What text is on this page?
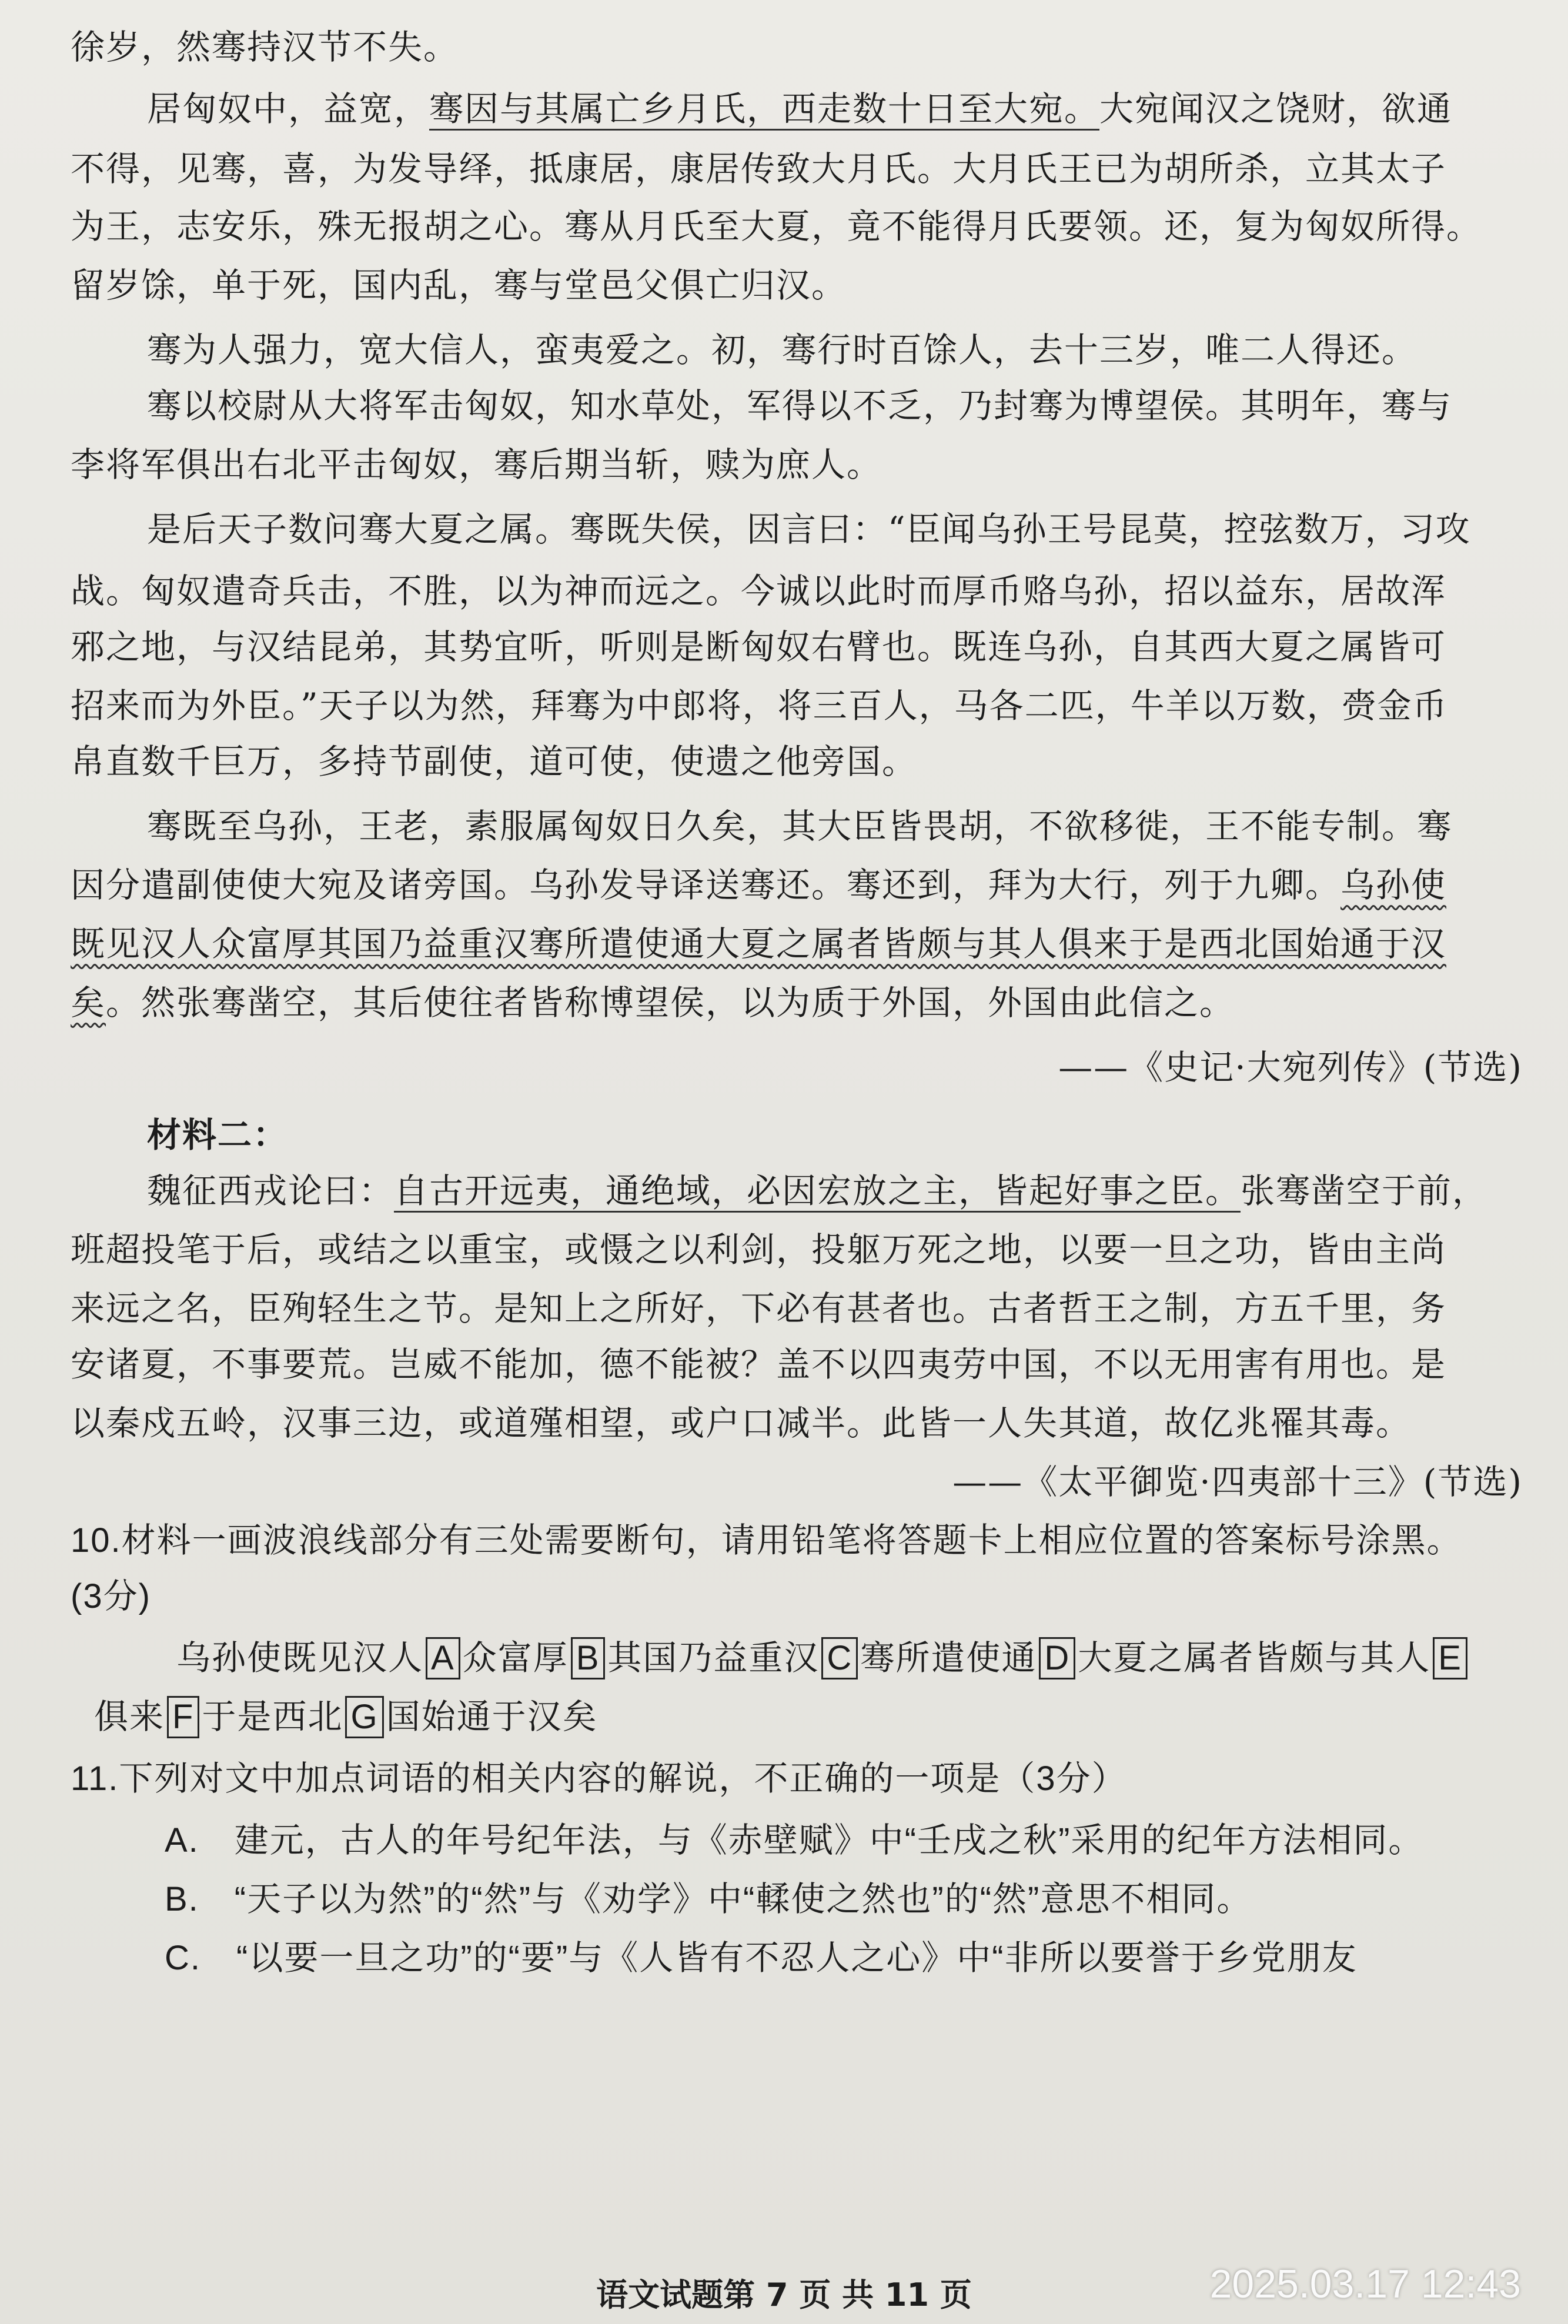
徐岁，然骞持汉节不失。
居匈奴中，益宽，骞因与其属亡乡月氏，西走数十日至大宛。大宛闻汉之饶财，欲通
不得，见骞，喜，为发导绎，抵康居，康居传致大月氏。大月氏王已为胡所杀，立其太子
为王，志安乐，殊无报胡之心。骞从月氏至大夏，竟不能得月氏要领。还，复为匈奴所得。
留岁馀，单于死，国内乱，骞与堂邑父俱亡归汉。
骞为人强力，宽大信人，蛮夷爱之。初，骞行时百馀人，去十三岁，唯二人得还。
骞以校尉从大将军击匈奴，知水草处，军得以不乏，乃封骞为博望侯。其明年，骞与
李将军俱出右北平击匈奴，骞后期当斩，赎为庶人。
是后天子数问骞大夏之属。骞既失侯，因言曰：“臣闻乌孙王号昆莫，控弦数万，习攻
战。匈奴遣奇兵击，不胜，以为神而远之。今诚以此时而厚币赂乌孙，招以益东，居故浑
邪之地，与汉结昆弟，其势宜听，听则是断匈奴右臂也。既连乌孙，自其西大夏之属皆可
招来而为外臣。”天子以为然，拜骞为中郎将，将三百人，马各二匹，牛羊以万数，赍金币
帛直数千巨万，多持节副使，道可使，使遗之他旁国。
骞既至乌孙，王老，素服属匈奴日久矣，其大臣皆畏胡，不欲移徙，王不能专制。骞
因分遣副使使大宛及诸旁国。乌孙发导译送骞还。骞还到，拜为大行，列于九卿。乌孙使
既见汉人众富厚其国乃益重汉骞所遣使通大夏之属者皆颇与其人俱来于是西北国始通于汉
矣。然张骞凿空，其后使往者皆称博望侯，以为质于外国，外国由此信之。
——《史记·大宛列传》(节选)
材料二：
魏征西戎论曰：自古开远夷，通绝域，必因宏放之主，皆起好事之臣。张骞凿空于前，
班超投笔于后，或结之以重宝，或慑之以利剑，投躯万死之地，以要一旦之功，皆由主尚
来远之名，臣殉轻生之节。是知上之所好，下必有甚者也。古者哲王之制，方五千里，务
安诸夏，不事要荒。岂威不能加，德不能被？盖不以四夷劳中国，不以无用害有用也。是
以秦戍五岭，汉事三边，或道殣相望，或户口减半。此皆一人失其道，故亿兆罹其毒。
——《太平御览·四夷部十三》(节选)
10.材料一画波浪线部分有三处需要断句，请用铅笔将答题卡上相应位置的答案标号涂黑。
(3分)
乌孙使既见汉人 A 众富厚 B 其国乃益重汉 C 骞所遣使通 D 大夏之属者皆颇与其人 E
俱来 F 于是西北 G 国始通于汉矣
11.下列对文中加点词语的相关内容的解说，不正确的一项是（3分）
A.　建元，古人的年号纪年法，与《赤壁赋》中“壬戌之秋”采用的纪年方法相同。
B.　“天子以为然”的“然”与《劝学》中“輮使之然也”的“然”意思不相同。
C.　“以要一旦之功”的“要”与《人皆有不忍人之心》中“非所以要誉于乡党朋友
语文试题第 7 页 共 11 页	2025.03.17 12:43
